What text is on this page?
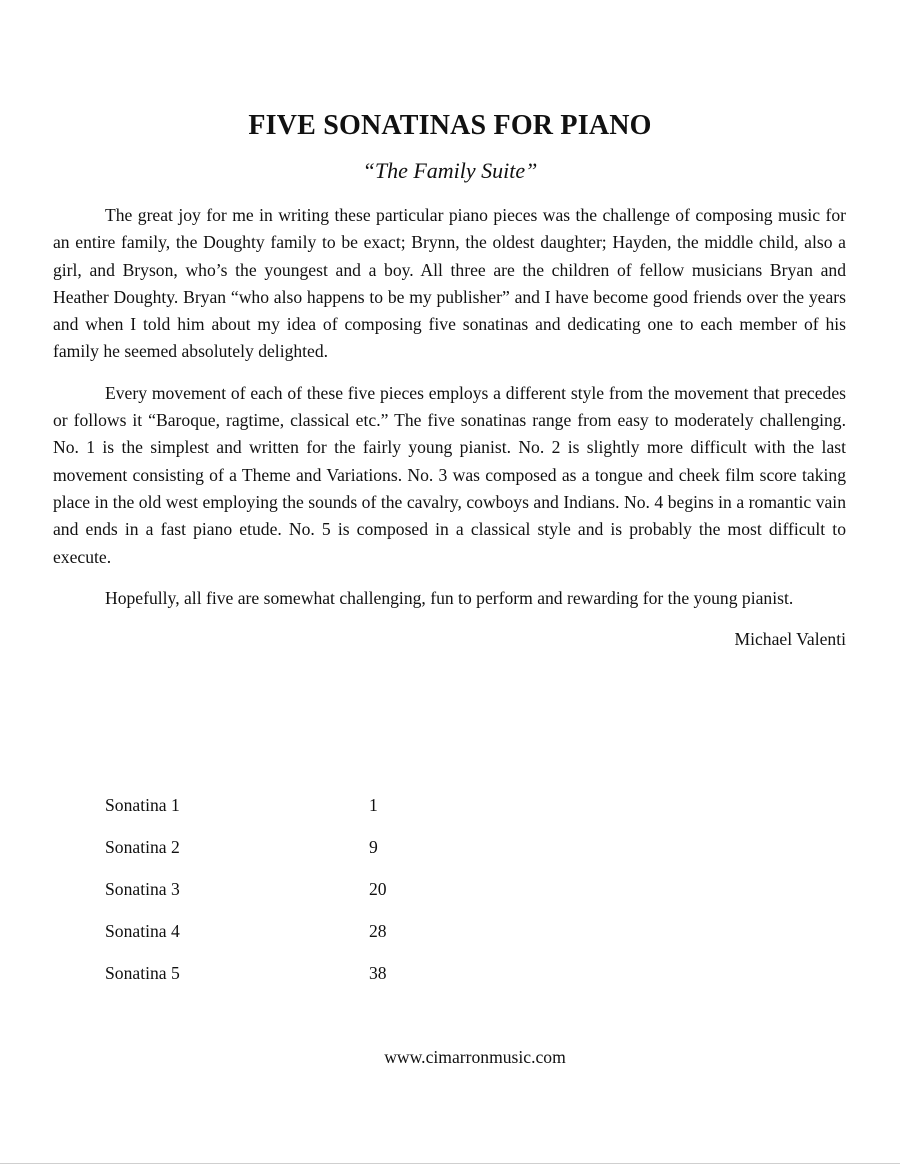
FIVE SONATINAS FOR PIANO
“The Family Suite”

The great joy for me in writing these particular piano pieces was the challenge of composing music for an entire family, the Doughty family to be exact; Brynn, the oldest daughter; Hayden, the middle child, also a girl, and Bryson, who’s the youngest and a boy. All three are the children of fellow musicians Bryan and Heather Doughty. Bryan “who also happens to be my publisher” and I have become good friends over the years and when I told him about my idea of composing five sonatinas and dedicating one to each member of his family he seemed absolutely delighted.

Every movement of each of these five pieces employs a different style from the movement that precedes or follows it “Baroque, ragtime, classical etc.” The five sonatinas range from easy to moderately challenging. No. 1 is the simplest and written for the fairly young pianist. No. 2 is slightly more difficult with the last movement consisting of a Theme and Variations. No. 3 was composed as a tongue and cheek film score taking place in the old west employing the sounds of the cavalry, cowboys and Indians. No. 4 begins in a romantic vain and ends in a fast piano etude. No. 5 is composed in a classical style and is probably the most difficult to execute.

Hopefully, all five are somewhat challenging, fun to perform and rewarding for the young pianist.

Michael Valenti

Sonatina 1	1
Sonatina 2	9
Sonatina 3	20
Sonatina 4	28
Sonatina 5	38
www.cimarronmusic.com
